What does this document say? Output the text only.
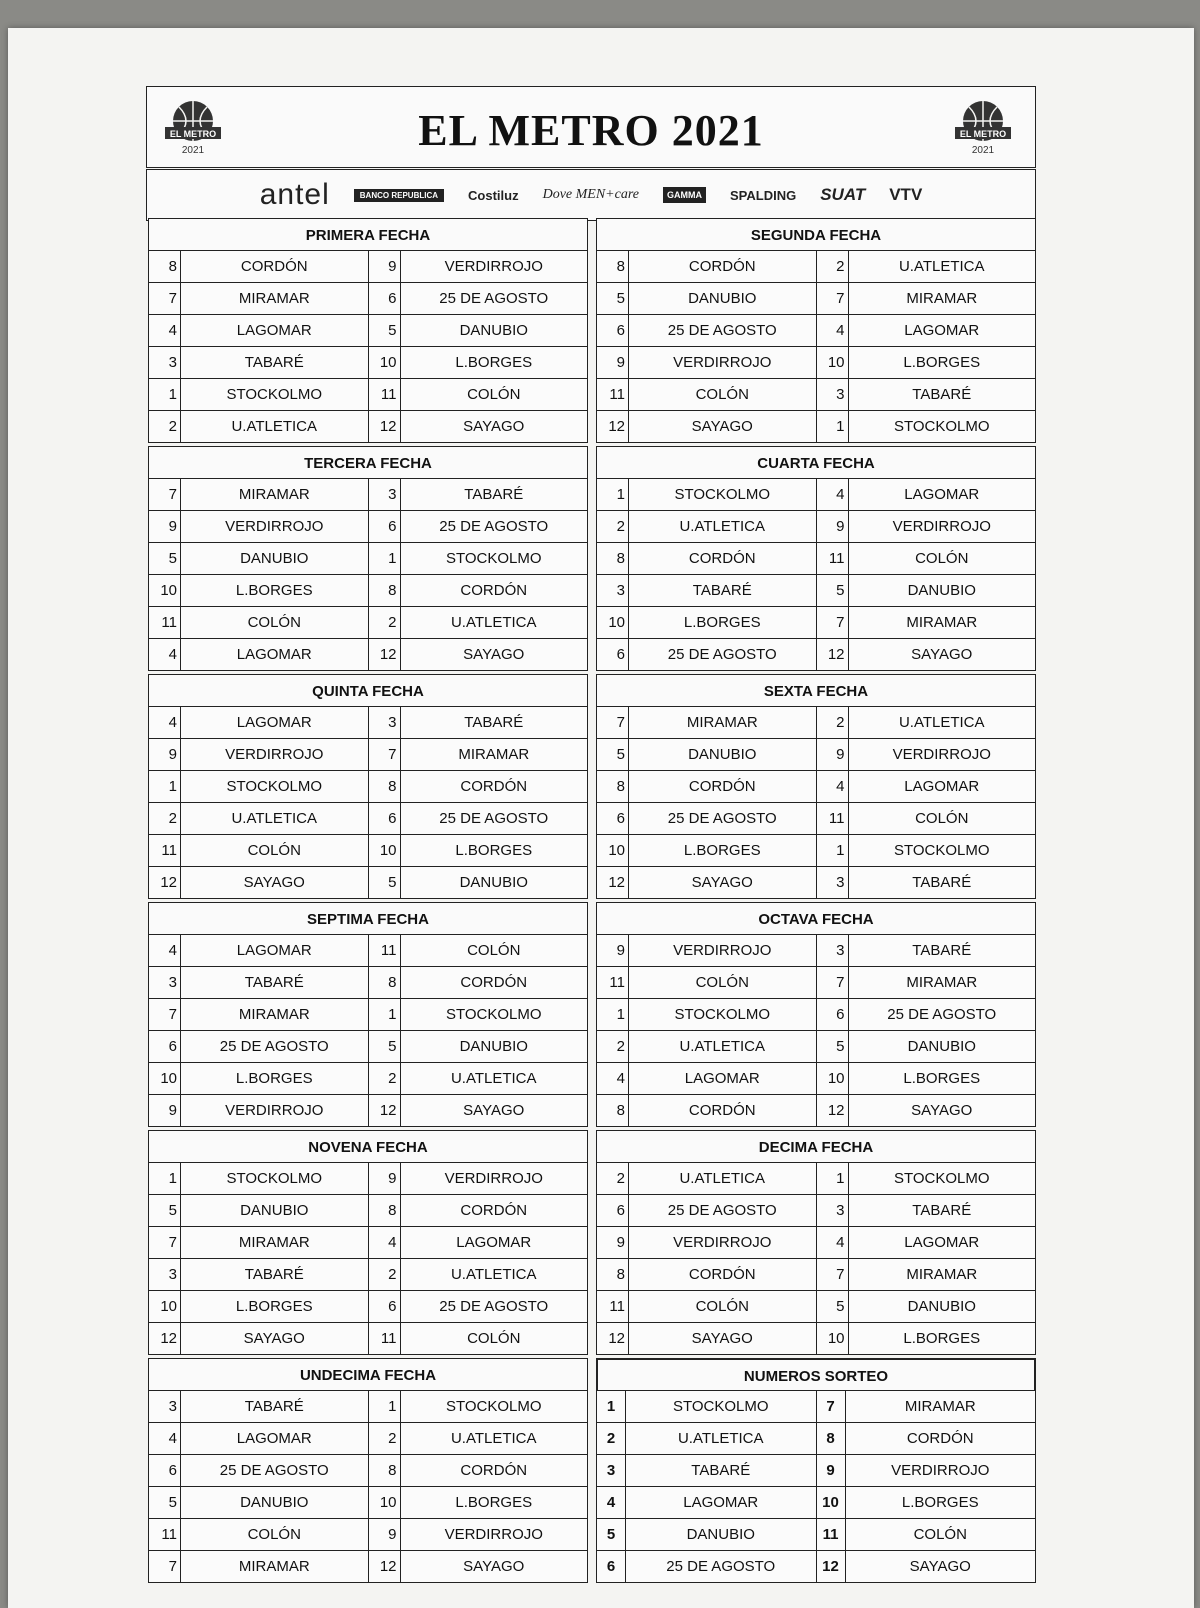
EL METRO
2021	EL METRO 2021	EL METRO
2021
antel	BANCO REPUBLICA	Costiluz Dove MEN+care	GAMMA	SPALDING SUAT VTV
PRIMERA FECHA
8	CORDÓN	9	VERDIRROJO
7	MIRAMAR	6	25 DE AGOSTO
4	LAGOMAR	5	DANUBIO
3	TABARÉ	10	L.BORGES
1	STOCKOLMO	11	COLÓN
2	U.ATLETICA	12	SAYAGO
SEGUNDA FECHA
8	CORDÓN	2	U.ATLETICA
5	DANUBIO	7	MIRAMAR
6	25 DE AGOSTO	4	LAGOMAR
9	VERDIRROJO	10	L.BORGES
11	COLÓN	3	TABARÉ
12	SAYAGO	1	STOCKOLMO
TERCERA FECHA
7	MIRAMAR	3	TABARÉ
9	VERDIRROJO	6	25 DE AGOSTO
5	DANUBIO	1	STOCKOLMO
10	L.BORGES	8	CORDÓN
11	COLÓN	2	U.ATLETICA
4	LAGOMAR	12	SAYAGO
CUARTA FECHA
1	STOCKOLMO	4	LAGOMAR
2	U.ATLETICA	9	VERDIRROJO
8	CORDÓN	11	COLÓN
3	TABARÉ	5	DANUBIO
10	L.BORGES	7	MIRAMAR
6	25 DE AGOSTO	12	SAYAGO
QUINTA FECHA
4	LAGOMAR	3	TABARÉ
9	VERDIRROJO	7	MIRAMAR
1	STOCKOLMO	8	CORDÓN
2	U.ATLETICA	6	25 DE AGOSTO
11	COLÓN	10	L.BORGES
12	SAYAGO	5	DANUBIO
SEXTA FECHA
7	MIRAMAR	2	U.ATLETICA
5	DANUBIO	9	VERDIRROJO
8	CORDÓN	4	LAGOMAR
6	25 DE AGOSTO	11	COLÓN
10	L.BORGES	1	STOCKOLMO
12	SAYAGO	3	TABARÉ
SEPTIMA FECHA
4	LAGOMAR	11	COLÓN
3	TABARÉ	8	CORDÓN
7	MIRAMAR	1	STOCKOLMO
6	25 DE AGOSTO	5	DANUBIO
10	L.BORGES	2	U.ATLETICA
9	VERDIRROJO	12	SAYAGO
OCTAVA FECHA
9	VERDIRROJO	3	TABARÉ
11	COLÓN	7	MIRAMAR
1	STOCKOLMO	6	25 DE AGOSTO
2	U.ATLETICA	5	DANUBIO
4	LAGOMAR	10	L.BORGES
8	CORDÓN	12	SAYAGO
NOVENA FECHA
1	STOCKOLMO	9	VERDIRROJO
5	DANUBIO	8	CORDÓN
7	MIRAMAR	4	LAGOMAR
3	TABARÉ	2	U.ATLETICA
10	L.BORGES	6	25 DE AGOSTO
12	SAYAGO	11	COLÓN
DECIMA FECHA
2	U.ATLETICA	1	STOCKOLMO
6	25 DE AGOSTO	3	TABARÉ
9	VERDIRROJO	4	LAGOMAR
8	CORDÓN	7	MIRAMAR
11	COLÓN	5	DANUBIO
12	SAYAGO	10	L.BORGES
UNDECIMA FECHA
3	TABARÉ	1	STOCKOLMO
4	LAGOMAR	2	U.ATLETICA
6	25 DE AGOSTO	8	CORDÓN
5	DANUBIO	10	L.BORGES
11	COLÓN	9	VERDIRROJO
7	MIRAMAR	12	SAYAGO
NUMEROS SORTEO
1	STOCKOLMO	7	MIRAMAR
2	U.ATLETICA	8	CORDÓN
3	TABARÉ	9	VERDIRROJO
4	LAGOMAR	10	L.BORGES
5	DANUBIO	11	COLÓN
6	25 DE AGOSTO	12	SAYAGO
